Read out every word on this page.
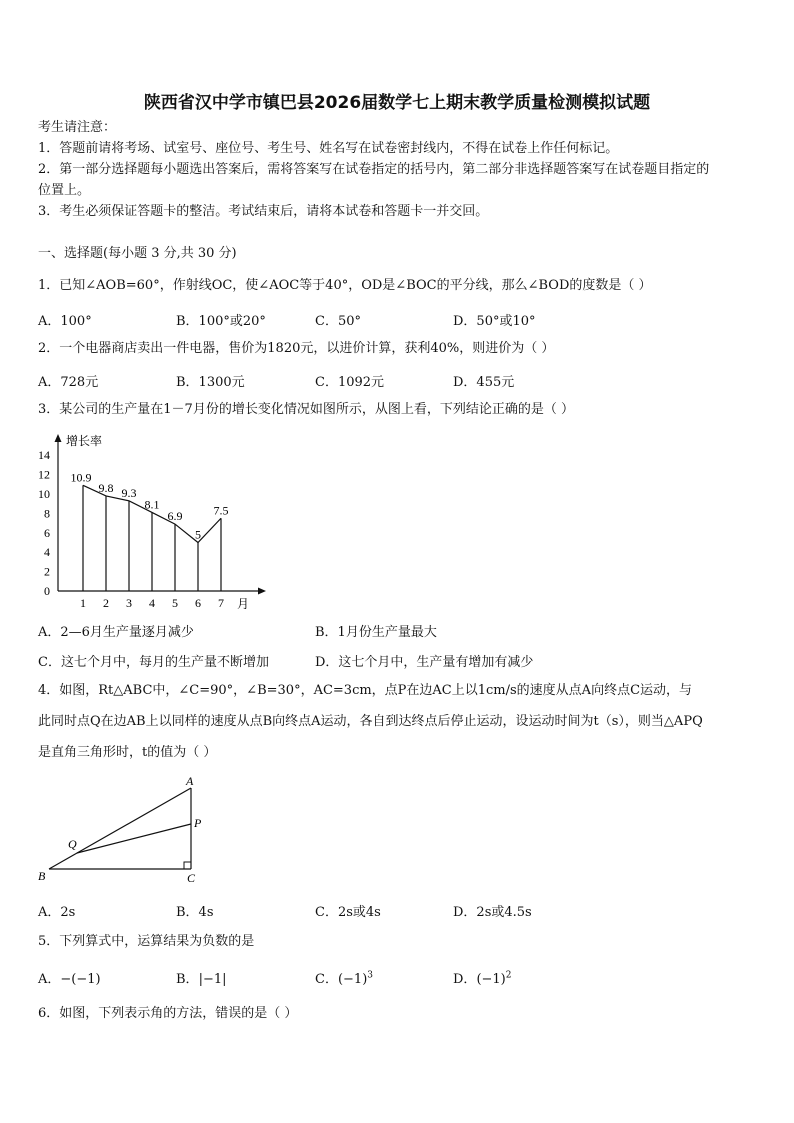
陕西省汉中学市镇巴县2026届数学七上期末教学质量检测模拟试题
考生请注意：
1．答题前请将考场、试室号、座位号、考生号、姓名写在试卷密封线内，不得在试卷上作任何标记。
2．第一部分选择题每小题选出答案后，需将答案写在试卷指定的括号内，第二部分非选择题答案写在试卷题目指定的
位置上。
3．考生必须保证答题卡的整洁。考试结束后，请将本试卷和答题卡一并交回。
一、选择题(每小题 3 分,共 30 分)
1．已知∠AOB=60°，作射线OC，使∠AOC等于40°，OD是∠BOC的平分线，那么∠BOD的度数是（ ）
A．100°	B．100°或20°	C．50°	D．50°或10°
2．一个电器商店卖出一件电器，售价为1820元，以进价计算，获利40%，则进价为（ ）
A．728元	B．1300元	C．1092元	D．455元
3．某公司的生产量在1－7月份的增长变化情况如图所示，从图上看，下列结论正确的是（ ）
增长率
0
2
4
6
8
10
12
14
1 2 3 4 5 6 7 月
10.9
9.8 9.3
8.1
6.9
5
7.5
A．2—6月生产量逐月减少	B．1月份生产量最大
C．这七个月中，每月的生产量不断增加	D．这七个月中，生产量有增加有减少
4．如图，Rt△ABC中，∠C=90°，∠B=30°，AC=3cm，点P在边AC上以1cm/s的速度从点A向终点C运动，与
此同时点Q在边AB上以同样的速度从点B向终点A运动，各自到达终点后停止运动，设运动时间为t（s），则当△APQ
是直角三角形时，t的值为（ ）
A
P
Q
B	C
A．2s	B．4s	C．2s或4s	D．2s或4.5s
5．下列算式中，运算结果为负数的是
A．−(−1)	B．|−1|	C．$(-1)^3$	D．$(-1)^2$
6．如图，下列表示角的方法，错误的是（ ）
